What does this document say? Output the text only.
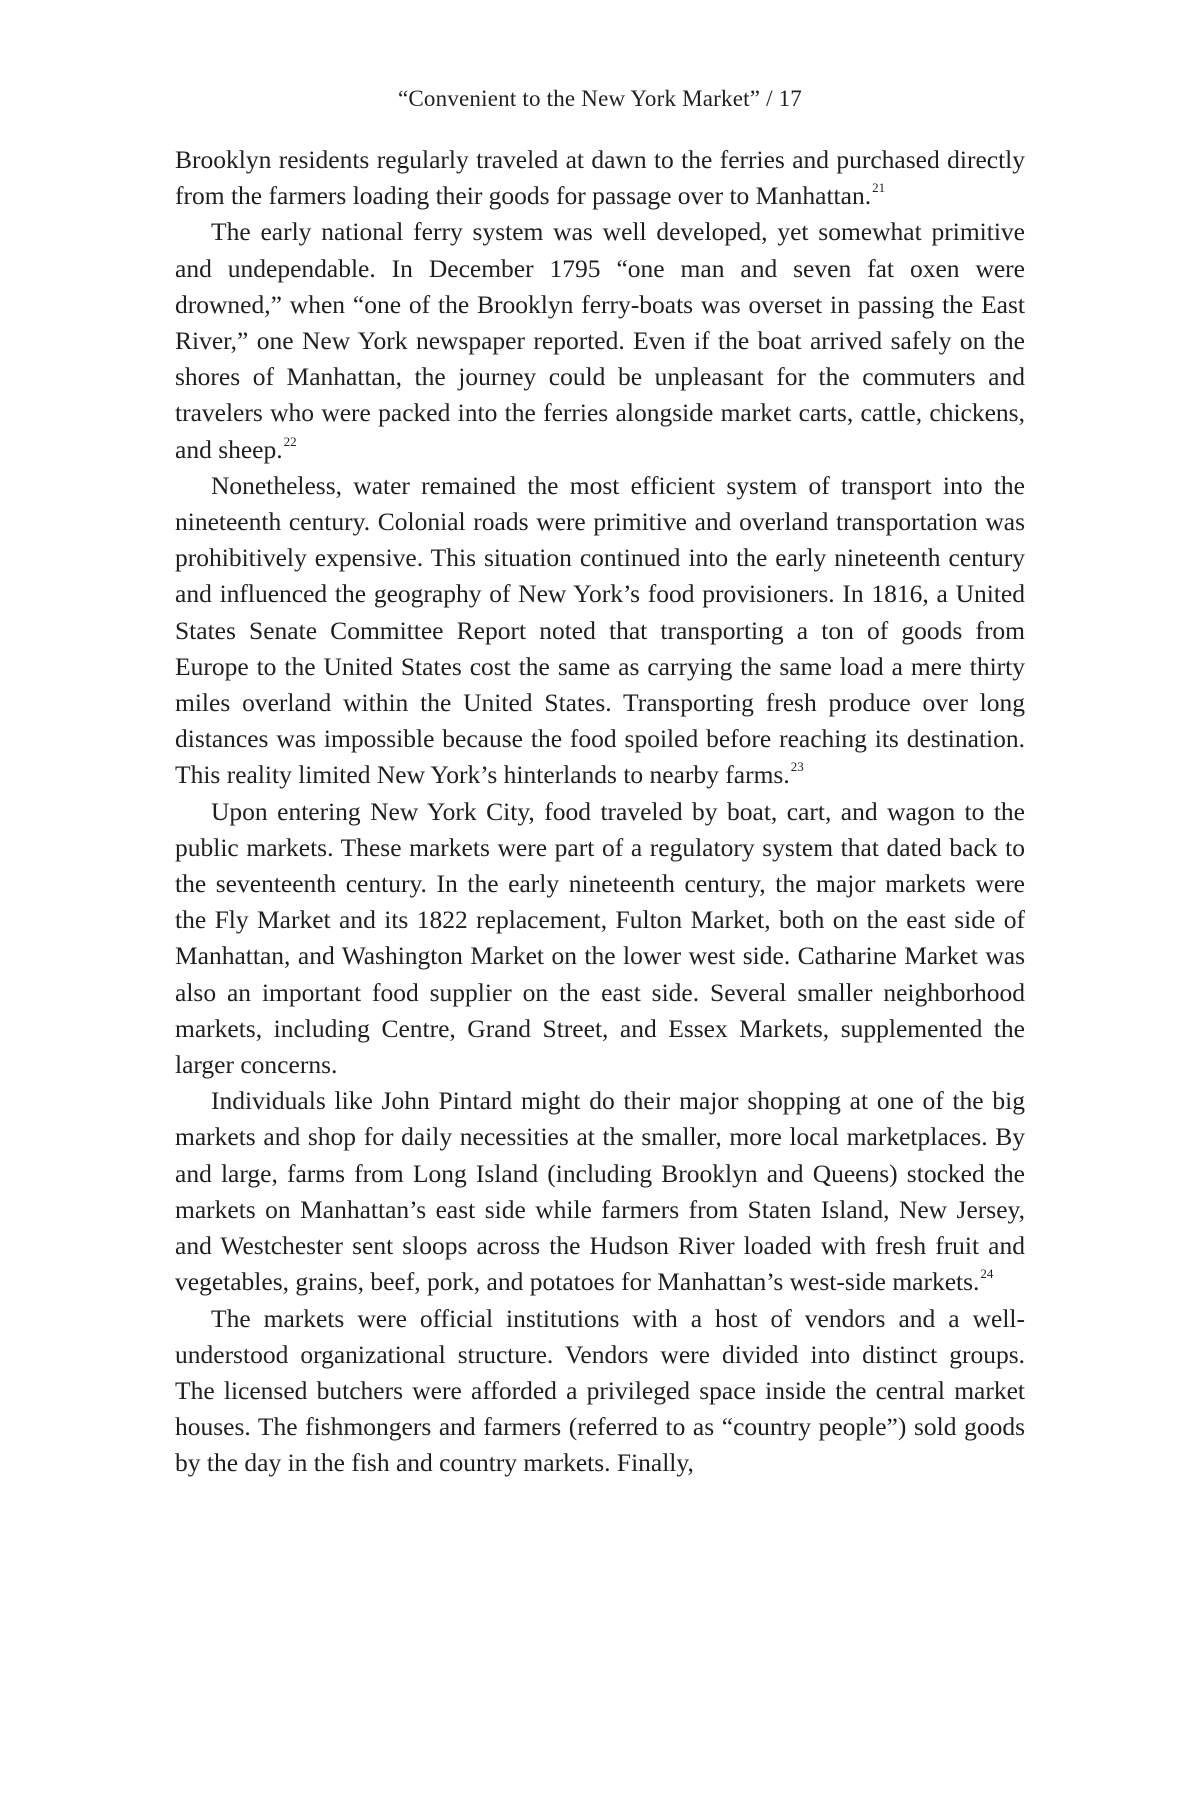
“Convenient to the New York Market” / 17

Brooklyn residents regularly traveled at dawn to the ferries and purchased directly from the farmers loading their goods for passage over to Manhattan.$^{21}$

The early national ferry system was well developed, yet somewhat primitive and undependable. In December 1795 “one man and seven fat oxen were drowned,” when “one of the Brooklyn ferry-boats was overset in passing the East River,” one New York newspaper reported. Even if the boat arrived safely on the shores of Manhattan, the journey could be unpleasant for the commuters and travelers who were packed into the ferries alongside market carts, cattle, chickens, and sheep.$^{22}$

Nonetheless, water remained the most efficient system of transport into the nineteenth century. Colonial roads were primitive and overland transportation was prohibitively expensive. This situation continued into the early nineteenth century and influenced the geography of New York’s food provisioners. In 1816, a United States Senate Committee Report noted that transporting a ton of goods from Europe to the United States cost the same as carrying the same load a mere thirty miles overland within the United States. Transporting fresh produce over long distances was impossible because the food spoiled before reaching its destination. This reality limited New York’s hinterlands to nearby farms.$^{23}$

Upon entering New York City, food traveled by boat, cart, and wagon to the public markets. These markets were part of a regulatory system that dated back to the seventeenth century. In the early nineteenth century, the major markets were the Fly Market and its 1822 replacement, Fulton Market, both on the east side of Manhattan, and Washington Market on the lower west side. Catharine Market was also an important food supplier on the east side. Several smaller neighborhood markets, including Centre, Grand Street, and Essex Markets, supplemented the larger concerns.

Individuals like John Pintard might do their major shopping at one of the big markets and shop for daily necessities at the smaller, more local marketplaces. By and large, farms from Long Island (including Brooklyn and Queens) stocked the markets on Manhattan’s east side while farmers from Staten Island, New Jersey, and Westchester sent sloops across the Hudson River loaded with fresh fruit and vegetables, grains, beef, pork, and potatoes for Manhattan’s west-side markets.$^{24}$

The markets were official institutions with a host of vendors and a well-understood organizational structure. Vendors were divided into distinct groups. The licensed butchers were afforded a privileged space inside the central market houses. The fishmongers and farmers (referred to as “country people”) sold goods by the day in the fish and country markets. Finally,
